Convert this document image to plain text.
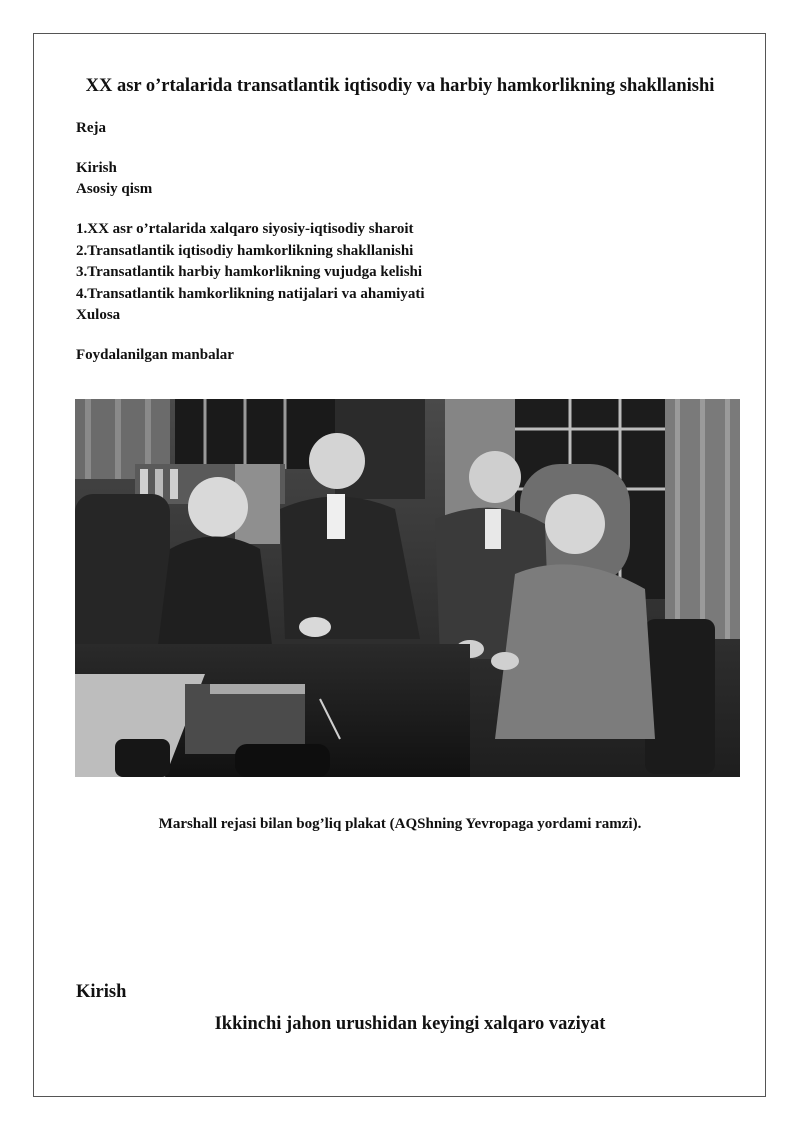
XX asr o’rtalarida transatlantik iqtisodiy va harbiy hamkorlikning shakllanishi
Reja
Kirish
Asosiy qism
1.XX asr o’rtalarida xalqaro siyosiy-iqtisodiy sharoit
2.Transatlantik iqtisodiy hamkorlikning shakllanishi
3.Transatlantik harbiy hamkorlikning vujudga kelishi
4.Transatlantik hamkorlikning natijalari va ahamiyati
Xulosa
Foydalanilgan manbalar
Marshall rejasi bilan bog’liq plakat (AQShning Yevropaga yordami ramzi).
Kirish
Ikkinchi jahon urushidan keyingi xalqaro vaziyat
